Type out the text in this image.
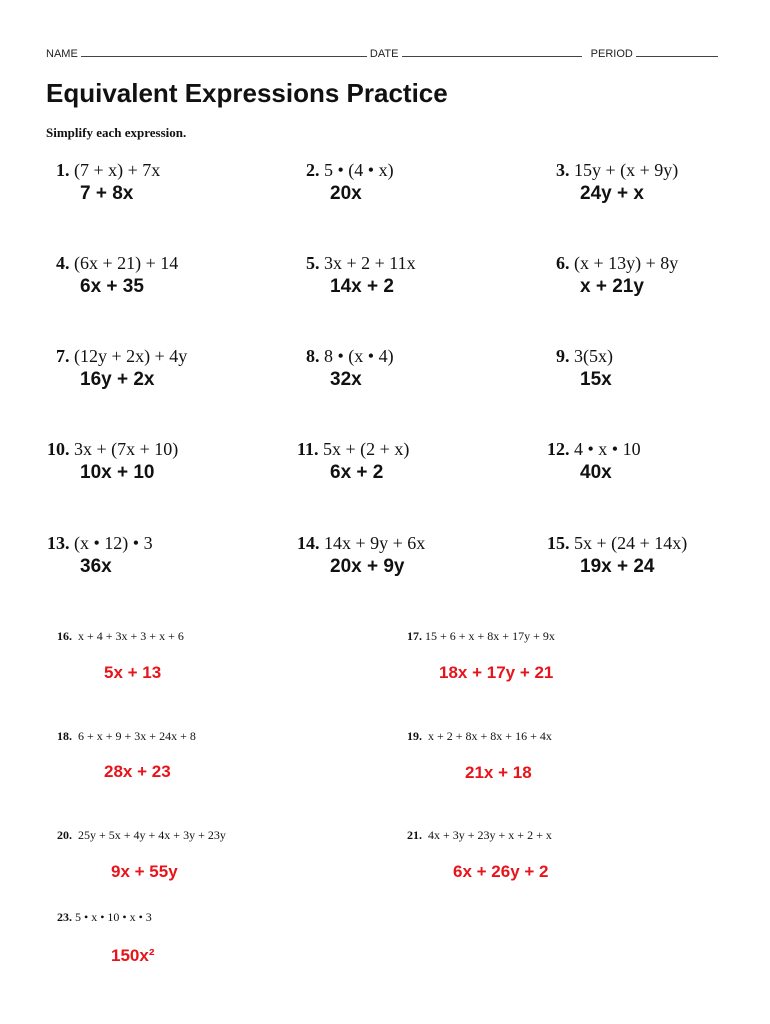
NAME	DATE	PERIOD
Equivalent Expressions Practice
Simplify each expression.
1. (7 + x) + 7x
7 + 8x
2. 5 • (4 • x)
20x
3. 15y + (x + 9y)
24y + x
4. (6x + 21) + 14
6x + 35
5. 3x + 2 + 11x
14x + 2
6. (x + 13y) + 8y
x + 21y
7. (12y + 2x) + 4y
16y + 2x
8. 8 • (x • 4)
32x
9. 3(5x)
15x
10. 3x + (7x + 10)
10x + 10
11. 5x + (2 + x)
6x + 2
12. 4 • x • 10
40x
13. (x • 12) • 3
36x
14. 14x + 9y + 6x
20x + 9y
15. 5x + (24 + 14x)
19x + 24
16. x + 4 + 3x + 3 + x + 6
5x + 13
17. 15 + 6 + x + 8x + 17y + 9x
18x + 17y + 21
18. 6 + x + 9 + 3x + 24x + 8
28x + 23
19. x + 2 + 8x + 8x + 16 + 4x
21x + 18
20. 25y + 5x + 4y + 4x + 3y + 23y
9x + 55y
21. 4x + 3y + 23y + x + 2 + x
6x + 26y + 2
23. 5 • x • 10 • x • 3
150x²
